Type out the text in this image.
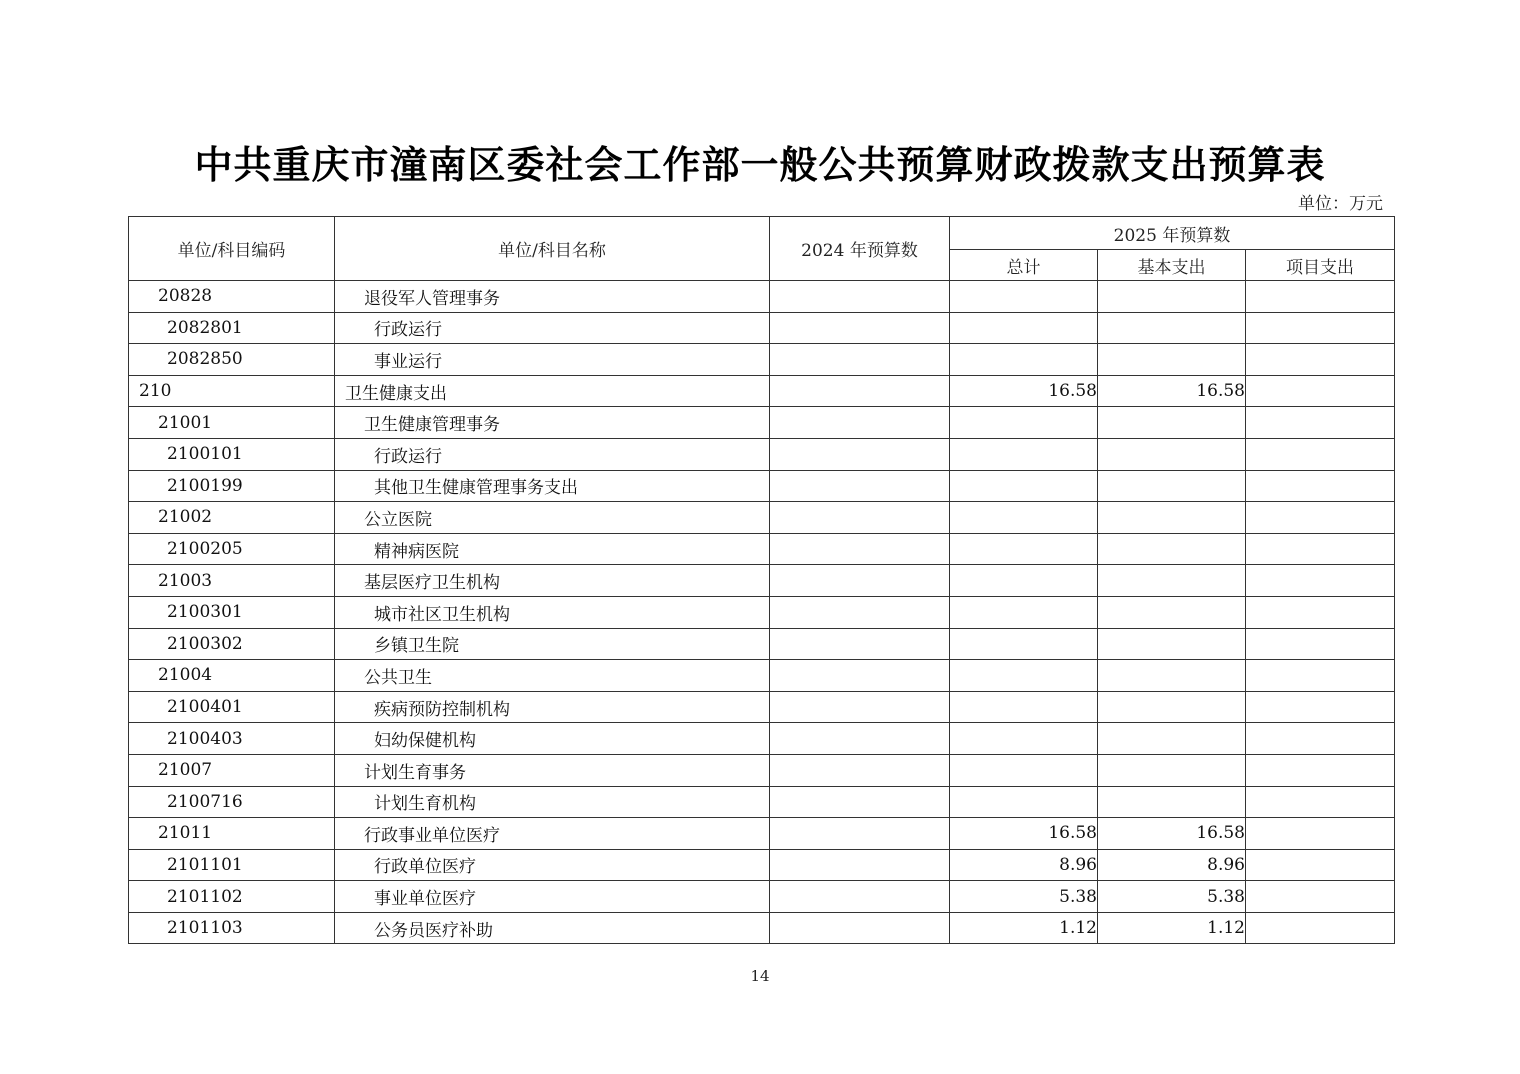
中共重庆市潼南区委社会工作部一般公共预算财政拨款支出预算表
单位：万元
单位/科目编码	单位/科目名称	2024 年预算数	2025 年预算数		
			总计	基本支出	项目支出
20828	退役军人管理事务				
2082801	行政运行				
2082850	事业运行				
210	卫生健康支出		16.58	16.58	
21001	卫生健康管理事务				
2100101	行政运行				
2100199	其他卫生健康管理事务支出				
21002	公立医院				
2100205	精神病医院				
21003	基层医疗卫生机构				
2100301	城市社区卫生机构				
2100302	乡镇卫生院				
21004	公共卫生				
2100401	疾病预防控制机构				
2100403	妇幼保健机构				
21007	计划生育事务				
2100716	计划生育机构				
21011	行政事业单位医疗		16.58	16.58	
2101101	行政单位医疗		8.96	8.96	
2101102	事业单位医疗		5.38	5.38	
2101103	公务员医疗补助		1.12	1.12	
14
